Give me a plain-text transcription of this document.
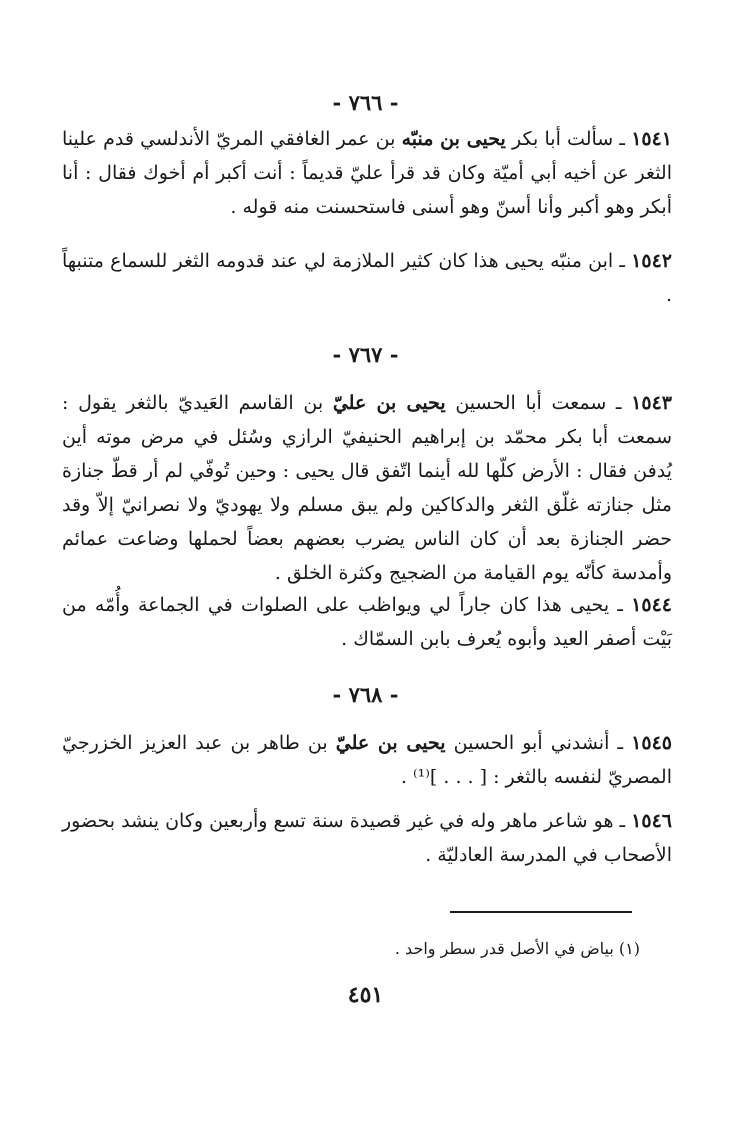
- ٧٦٦ -

١٥٤١ ـ سألت أبا بكر يحيى بن منبّه بن عمر الغافقي المريّ الأندلسي قدم علينا الثغر عن أخيه أبي أميّة وكان قد قرأ عليّ قديماً : أنت أكبر أم أخوك فقال : أنا أبكر وهو أكبر وأنا أسنّ وهو أسنى فاستحسنت منه قوله .

١٥٤٢ ـ ابن منبّه يحيى هذا كان كثير الملازمة لي عند قدومه الثغر للسماع متنبهاً .

- ٧٦٧ -

١٥٤٣ ـ سمعت أبا الحسين يحيى بن عليّ بن القاسم العَيديّ بالثغر يقول : سمعت أبا بكر محمّد بن إبراهيم الحنيفيّ الرازي وسُئل في مرض موته أين يُدفن فقال : الأرض كلّها لله أينما اتّفق قال يحيى : وحين تُوفّي لم أر قطّ جنازة مثل جنازته غلّق الثغر والدكاكين ولم يبق مسلم ولا يهوديّ ولا نصرانيّ إلاّ وقد حضر الجنازة بعد أن كان الناس يضرب بعضهم بعضاً لحملها وضاعت عمائم وأمدسة كأنّه يوم القيامة من الضجيج وكثرة الخلق .

١٥٤٤ ـ يحيى هذا كان جاراً لي ويواظب على الصلوات في الجماعة وأُمّه من بَيْت أصفر العيد وأبوه يُعرف بابن السمّاك .

- ٧٦٨ -

١٥٤٥ ـ أنشدني أبو الحسين يحيى بن عليّ بن طاهر بن عبد العزيز الخزرجيّ المصريّ لنفسه بالثغر : [ . . . ]⁽¹⁾ .

١٥٤٦ ـ هو شاعر ماهر وله في غير قصيدة سنة تسع وأربعين وكان ينشد بحضور الأصحاب في المدرسة العادليّة .

(١) بياض في الأصل قدر سطر واحد .
٤٥١
